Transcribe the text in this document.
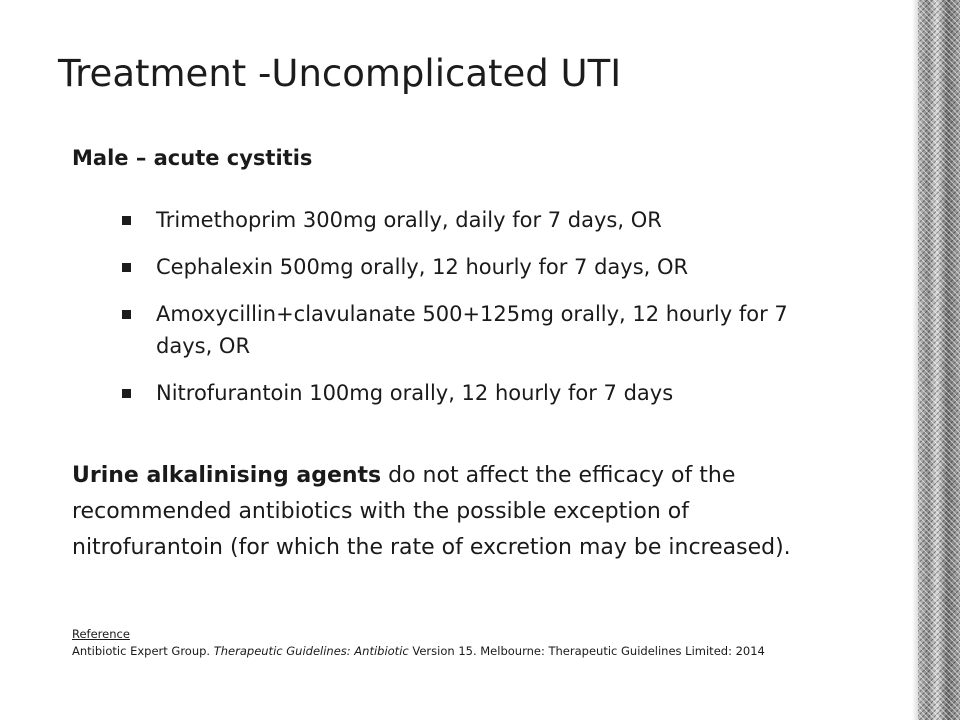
Treatment -Uncomplicated UTI
Male – acute cystitis
Trimethoprim 300mg orally, daily for 7 days, OR
Cephalexin 500mg orally, 12 hourly for 7 days, OR
Amoxycillin+clavulanate 500+125mg orally, 12 hourly for 7 days, OR
Nitrofurantoin 100mg orally, 12 hourly for 7 days
Urine alkalinising agents do not affect the efficacy of the recommended antibiotics with the possible exception of nitrofurantoin (for which the rate of excretion may be increased).
Reference
Antibiotic Expert Group. Therapeutic Guidelines: Antibiotic Version 15. Melbourne: Therapeutic Guidelines Limited: 2014
